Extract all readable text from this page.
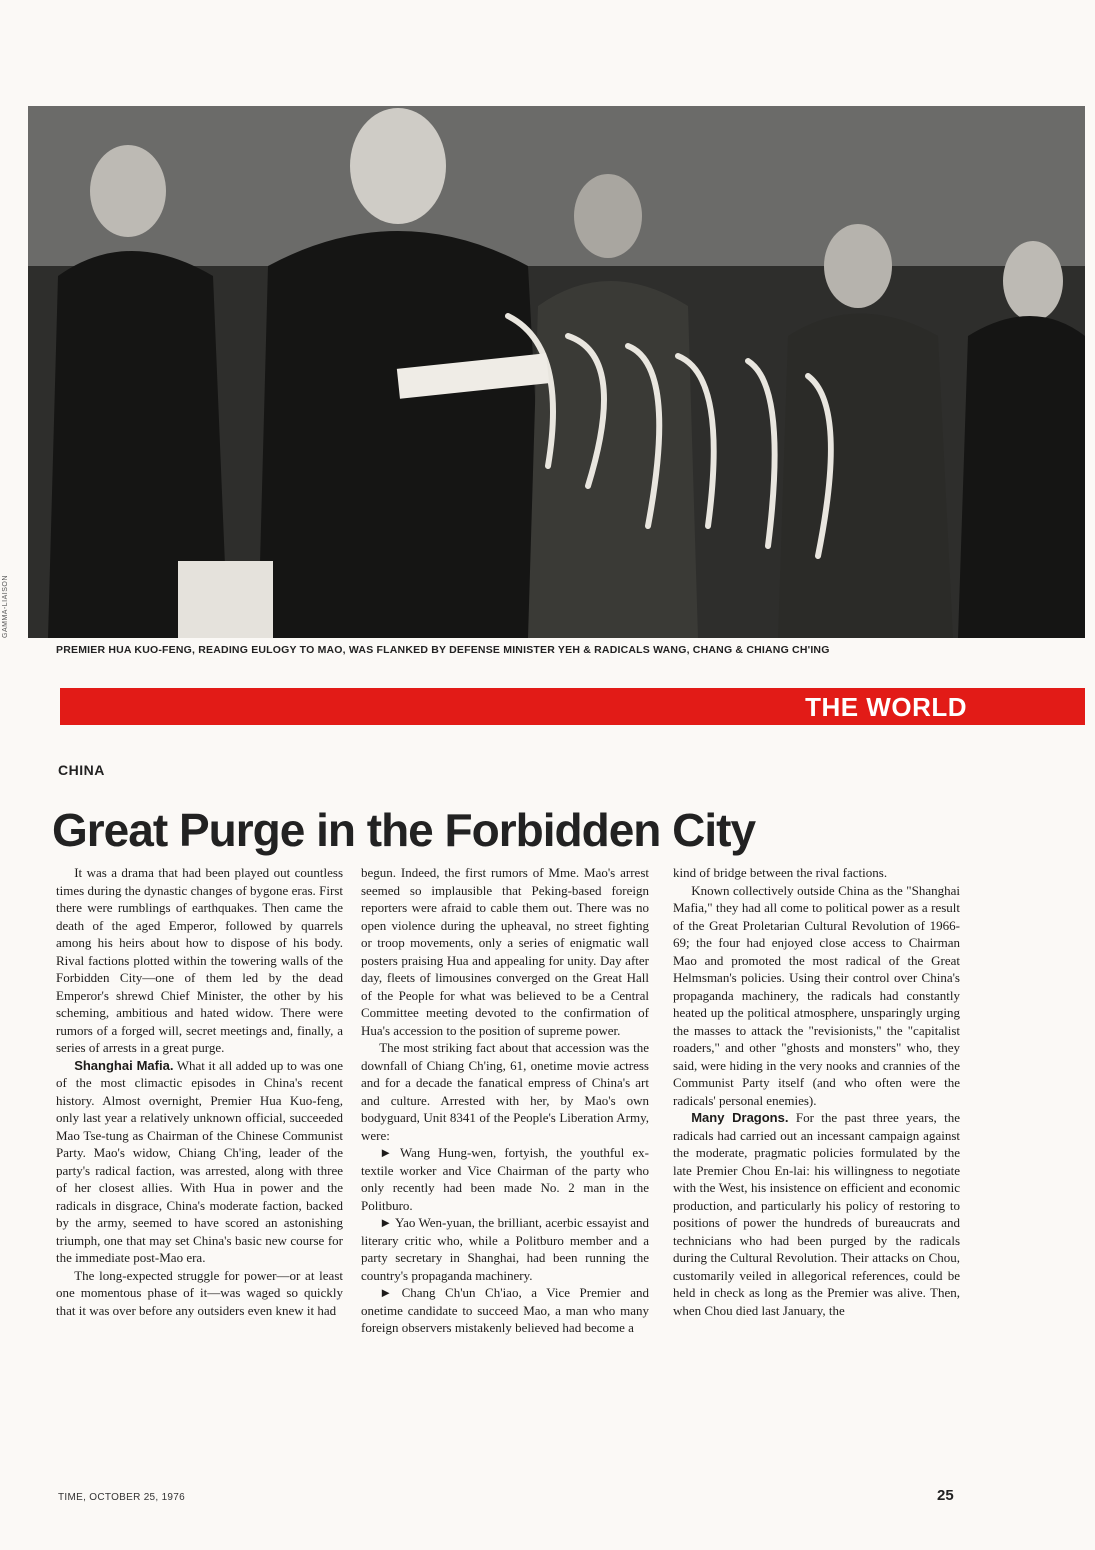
GAMMA-LIAISON
PREMIER HUA KUO-FENG, READING EULOGY TO MAO, WAS FLANKED BY DEFENSE MINISTER YEH & RADICALS WANG, CHANG & CHIANG CH'ING
THE WORLD
CHINA
Great Purge in the Forbidden City

It was a drama that had been played out countless times during the dynastic changes of bygone eras. First there were rumblings of earthquakes. Then came the death of the aged Emperor, followed by quarrels among his heirs about how to dispose of his body. Rival factions plotted within the towering walls of the Forbidden City—one of them led by the dead Emperor's shrewd Chief Minister, the other by his scheming, ambitious and hated widow. There were rumors of a forged will, secret meetings and, finally, a series of arrests in a great purge.

Shanghai Mafia. What it all added up to was one of the most climactic episodes in China's recent history. Almost overnight, Premier Hua Kuo-feng, only last year a relatively unknown official, succeeded Mao Tse-tung as Chairman of the Chinese Communist Party. Mao's widow, Chiang Ch'ing, leader of the party's radical faction, was arrested, along with three of her closest allies. With Hua in power and the radicals in disgrace, China's moderate faction, backed by the army, seemed to have scored an astonishing triumph, one that may set China's basic new course for the immediate post-Mao era.

The long-expected struggle for power—or at least one momentous phase of it—was waged so quickly that it was over before any outsiders even knew it had

begun. Indeed, the first rumors of Mme. Mao's arrest seemed so implausible that Peking-based foreign reporters were afraid to cable them out. There was no open violence during the upheaval, no street fighting or troop movements, only a series of enigmatic wall posters praising Hua and appealing for unity. Day after day, fleets of limousines converged on the Great Hall of the People for what was believed to be a Central Committee meeting devoted to the confirmation of Hua's accession to the position of supreme power.

The most striking fact about that accession was the downfall of Chiang Ch'ing, 61, onetime movie actress and for a decade the fanatical empress of China's art and culture. Arrested with her, by Mao's own bodyguard, Unit 8341 of the People's Liberation Army, were:

► Wang Hung-wen, fortyish, the youthful ex-textile worker and Vice Chairman of the party who only recently had been made No. 2 man in the Politburo.

► Yao Wen-yuan, the brilliant, acerbic essayist and literary critic who, while a Politburo member and a party secretary in Shanghai, had been running the country's propaganda machinery.

► Chang Ch'un Ch'iao, a Vice Premier and onetime candidate to succeed Mao, a man who many foreign observers mistakenly believed had become a

kind of bridge between the rival factions.

Known collectively outside China as the "Shanghai Mafia," they had all come to political power as a result of the Great Proletarian Cultural Revolution of 1966-69; the four had enjoyed close access to Chairman Mao and promoted the most radical of the Great Helmsman's policies. Using their control over China's propaganda machinery, the radicals had constantly heated up the political atmosphere, unsparingly urging the masses to attack the "revisionists," the "capitalist roaders," and other "ghosts and monsters" who, they said, were hiding in the very nooks and crannies of the Communist Party itself (and who often were the radicals' personal enemies).

Many Dragons. For the past three years, the radicals had carried out an incessant campaign against the moderate, pragmatic policies formulated by the late Premier Chou En-lai: his willingness to negotiate with the West, his insistence on efficient and economic production, and particularly his policy of restoring to positions of power the hundreds of bureaucrats and technicians who had been purged by the radicals during the Cultural Revolution. Their attacks on Chou, customarily veiled in allegorical references, could be held in check as long as the Premier was alive. Then, when Chou died last January, the

TIME, OCTOBER 25, 1976	25
